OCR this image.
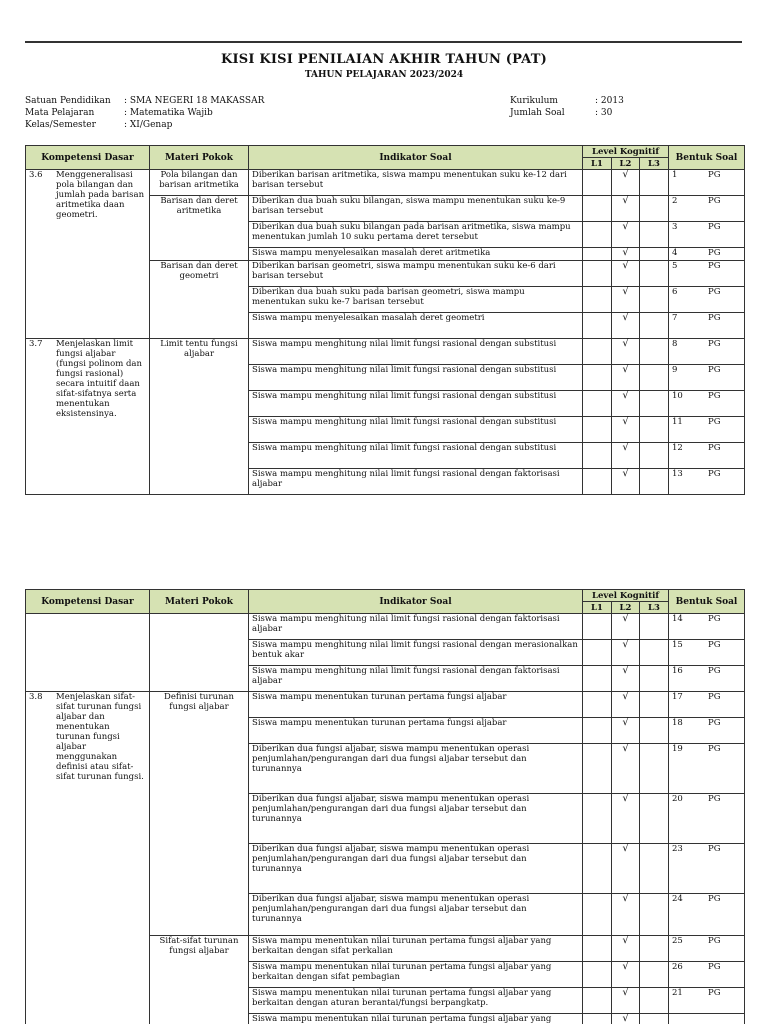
KISI KISI PENILAIAN AKHIR TAHUN (PAT)
TAHUN PELAJARAN 2023/2024
Satuan Pendidikan	: SMA NEGERI 18 MAKASSAR
Mata Pelajaran	: Matematika Wajib
Kelas/Semester	: XI/Genap
Kurikulum	: 2013
Jumlah Soal	: 30
Kompetensi Dasar	Materi Pokok	Indikator Soal	Level Kognitif			Bentuk Soal
			L1	L2	L3	

3.6 Menggeneralisasi pola bilangan dan jumlah pada barisan aritmetika daan geometri.	Pola bilangan dan barisan aritmetika	Diberikan barisan aritmetika, siswa mampu menentukan suku ke-12 dari barisan tersebut		√		1 PG

	Barisan dan deret aritmetika	Diberikan dua buah suku bilangan, siswa mampu menentukan suku ke-9 barisan tersebut		√		2 PG

		Diberikan dua buah suku bilangan pada barisan aritmetika, siswa mampu menentukan jumlah 10 suku pertama deret tersebut		√		3 PG

		Siswa mampu menyelesaikan masalah deret aritmetika		√		4 PG

	Barisan dan deret geometri	Diberikan barisan geometri, siswa mampu menentukan suku ke-6 dari barisan tersebut		√		5 PG

		Diberikan dua buah suku pada barisan geometri, siswa mampu menentukan suku ke-7 barisan tersebut		√		6 PG

		Siswa mampu menyelesaikan masalah deret geometri		√		7 PG

3.7 Menjelaskan limit fungsi aljabar (fungsi polinom dan fungsi rasional) secara intuitif daan sifat-sifatnya serta menentukan eksistensinya.	Limit tentu fungsi aljabar	Siswa mampu menghitung nilai limit fungsi rasional dengan substitusi		√		8 PG

		Siswa mampu menghitung nilai limit fungsi rasional dengan substitusi		√		9 PG

		Siswa mampu menghitung nilai limit fungsi rasional dengan substitusi		√		10 PG

		Siswa mampu menghitung nilai limit fungsi rasional dengan substitusi		√		11 PG

		Siswa mampu menghitung nilai limit fungsi rasional dengan substitusi		√		12 PG

		Siswa mampu menghitung nilai limit fungsi rasional dengan faktorisasi aljabar		√		13 PG
Kompetensi Dasar	Materi Pokok	Indikator Soal	Level Kognitif			Bentuk Soal
			L1	L2	L3	
		Siswa mampu menghitung nilai limit fungsi rasional dengan faktorisasi aljabar		√		14 PG

		Siswa mampu menghitung nilai limit fungsi rasional dengan merasionalkan bentuk akar		√		15 PG

		Siswa mampu menghitung nilai limit fungsi rasional dengan faktorisasi aljabar		√		16 PG

3.8 Menjelaskan sifat-sifat turunan fungsi aljabar dan menentukan turunan fungsi aljabar menggunakan definisi atau sifat-sifat turunan fungsi.	Definisi turunan fungsi aljabar	Siswa mampu menentukan turunan pertama fungsi aljabar		√		17 PG

		Siswa mampu menentukan turunan pertama fungsi aljabar		√		18 PG

		Diberikan dua fungsi aljabar, siswa mampu menentukan operasi penjumlahan/pengurangan dari dua fungsi aljabar tersebut dan turunannya		√		19 PG

		Diberikan dua fungsi aljabar, siswa mampu menentukan operasi penjumlahan/pengurangan dari dua fungsi aljabar tersebut dan turunannya		√		20 PG

		Diberikan dua fungsi aljabar, siswa mampu menentukan operasi penjumlahan/pengurangan dari dua fungsi aljabar tersebut dan turunannya		√		23 PG

		Diberikan dua fungsi aljabar, siswa mampu menentukan operasi penjumlahan/pengurangan dari dua fungsi aljabar tersebut dan turunannya		√		24 PG

	Sifat-sifat turunan fungsi aljabar	Siswa mampu menentukan nilai turunan pertama fungsi aljabar yang berkaitan dengan sifat perkalian		√		25 PG

		Siswa mampu menentukan nilai turunan pertama fungsi aljabar yang berkaitan dengan sifat pembagian		√		26 PG

		Siswa mampu menentukan nilai turunan pertama fungsi aljabar yang berkaitan dengan aturan berantai/fungsi berpangkatp.		√		21 PG

		Siswa mampu menentukan nilai turunan pertama fungsi aljabar yang		√		
